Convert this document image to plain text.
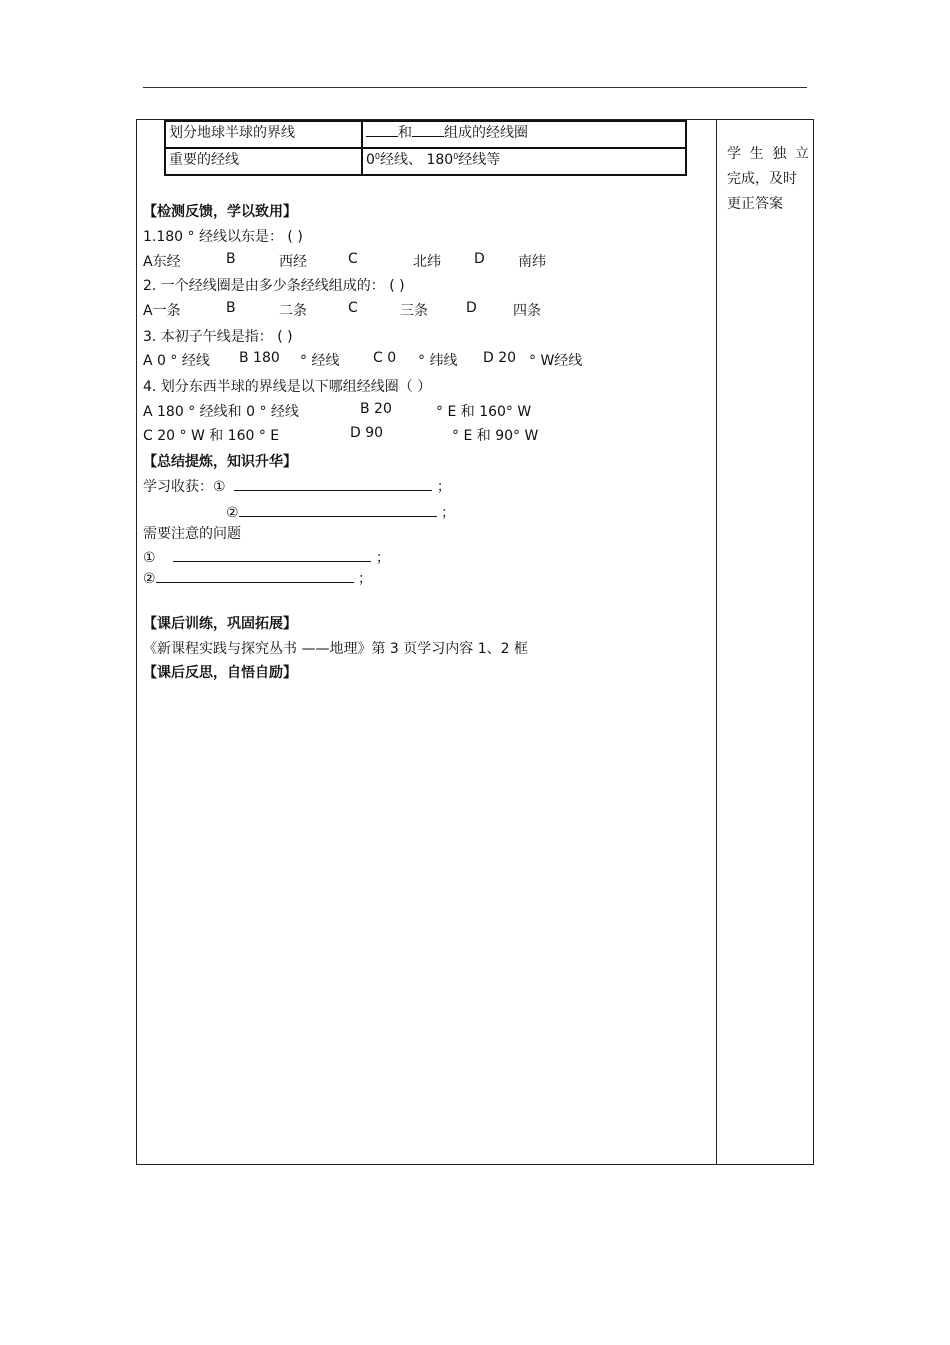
学 生 独 立
完成，及时
更正答案
划分地球半球的界线	和 组成的经线圈
重要的经线	$0^0$经线、 $180^0$经线等
【检测反馈，学以致用】
1.180 ° 经线以东是： ( )
A东经	B	西经	C	北纬 D 南纬
2. 一个经线圈是由多少条经线组成的： ( )
A一条	B	二条	C	三条	D	四条
3. 本初子午线是指： ( )
A 0 ° 经线 B 180 ° 经线 C 0 ° 纬线 D 20 ° W经线
4. 划分东西半球的界线是以下哪组经线圈（ ）
A 180 ° 经线和 0 ° 经线	B 20	° E 和 160° W
C 20 ° W 和 160 ° E	D 90	° E 和 90° W
【总结提炼，知识升华】
学习收获：①	；
②	；
需要注意的问题
①	；
②	；
【课后训练，巩固拓展】
《新课程实践与探究丛书 ——地理》第 3 页学习内容 1、2 框
【课后反思，自悟自励】
